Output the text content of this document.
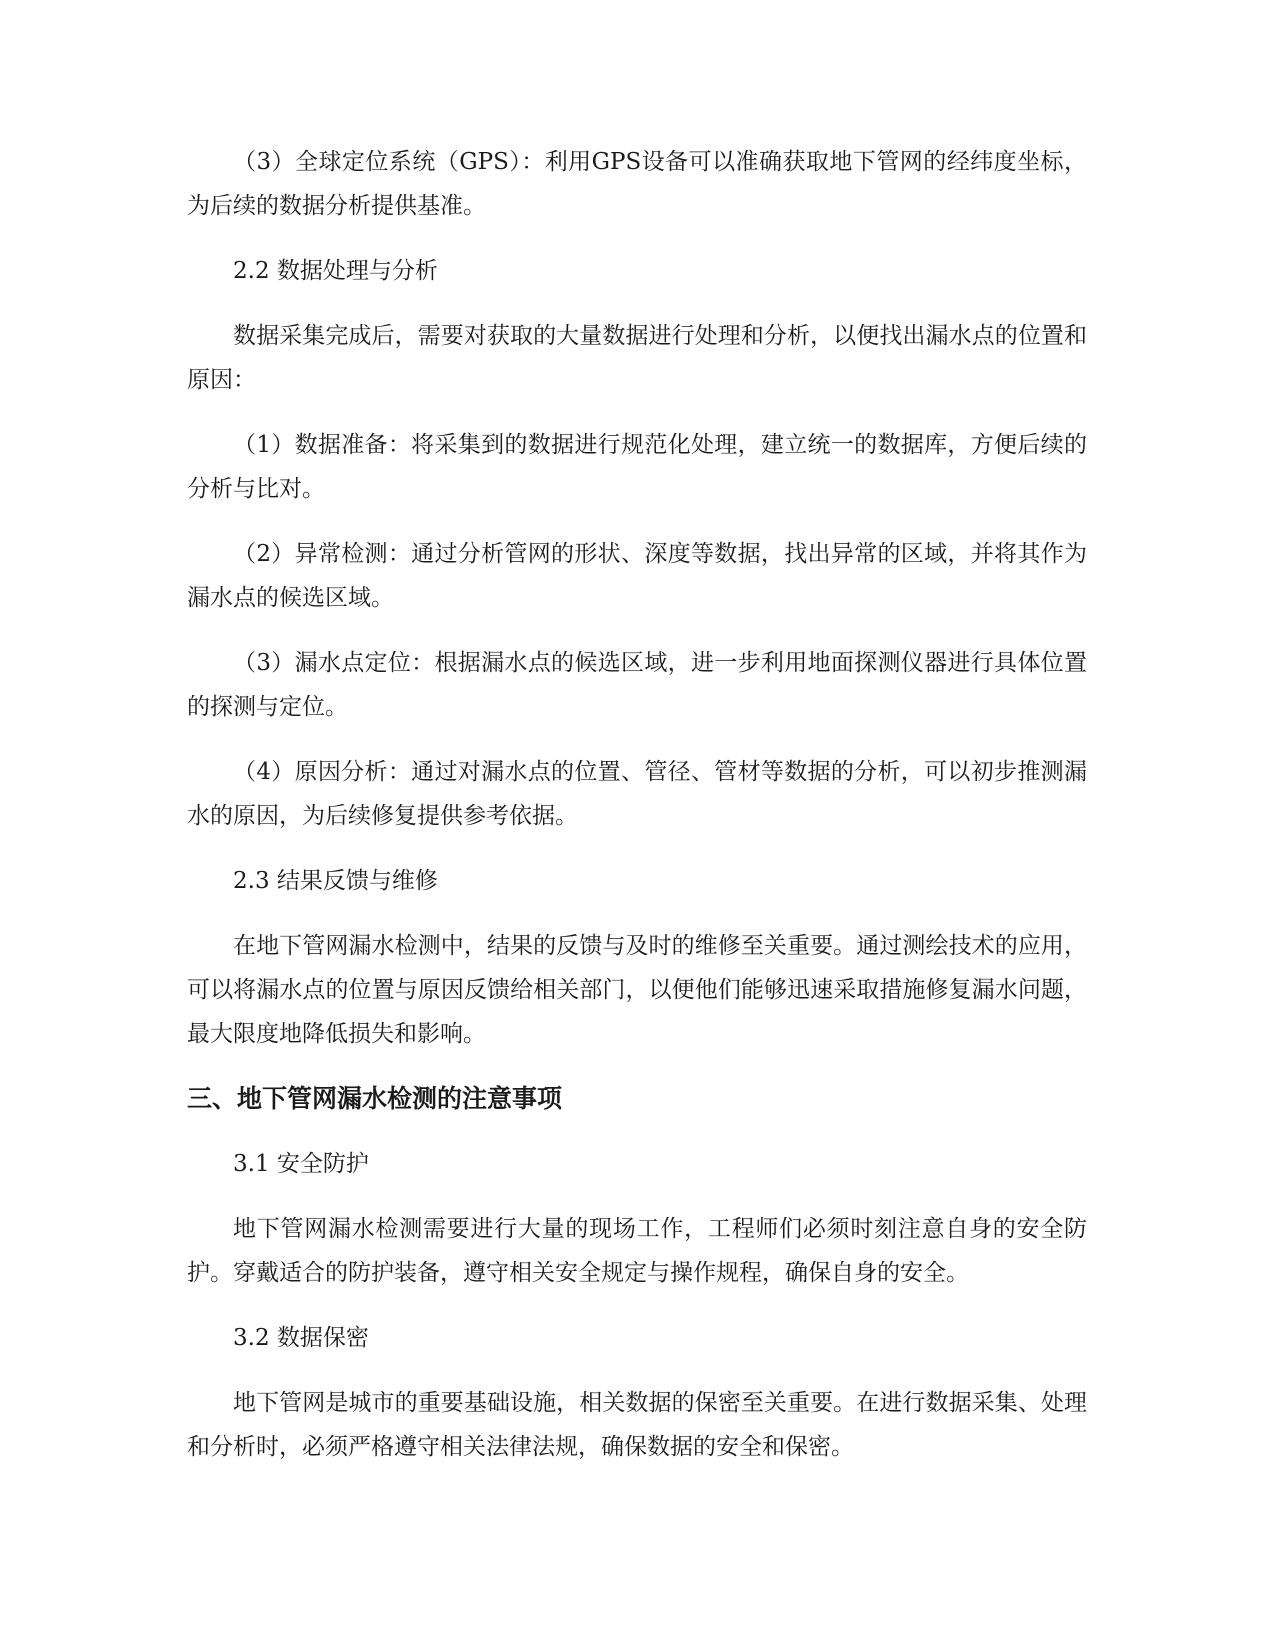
（3）全球定位系统（GPS）：利用GPS设备可以准确获取地下管网的经纬度坐标，为后续的数据分析提供基准。

2.2 数据处理与分析

数据采集完成后，需要对获取的大量数据进行处理和分析，以便找出漏水点的位置和原因：

（1）数据准备：将采集到的数据进行规范化处理，建立统一的数据库，方便后续的分析与比对。

（2）异常检测：通过分析管网的形状、深度等数据，找出异常的区域，并将其作为漏水点的候选区域。

（3）漏水点定位：根据漏水点的候选区域，进一步利用地面探测仪器进行具体位置的探测与定位。

（4）原因分析：通过对漏水点的位置、管径、管材等数据的分析，可以初步推测漏水的原因，为后续修复提供参考依据。

2.3 结果反馈与维修

在地下管网漏水检测中，结果的反馈与及时的维修至关重要。通过测绘技术的应用，可以将漏水点的位置与原因反馈给相关部门，以便他们能够迅速采取措施修复漏水问题，最大限度地降低损失和影响。

三、地下管网漏水检测的注意事项

3.1 安全防护

地下管网漏水检测需要进行大量的现场工作，工程师们必须时刻注意自身的安全防护。穿戴适合的防护装备，遵守相关安全规定与操作规程，确保自身的安全。

3.2 数据保密

地下管网是城市的重要基础设施，相关数据的保密至关重要。在进行数据采集、处理和分析时，必须严格遵守相关法律法规，确保数据的安全和保密。
